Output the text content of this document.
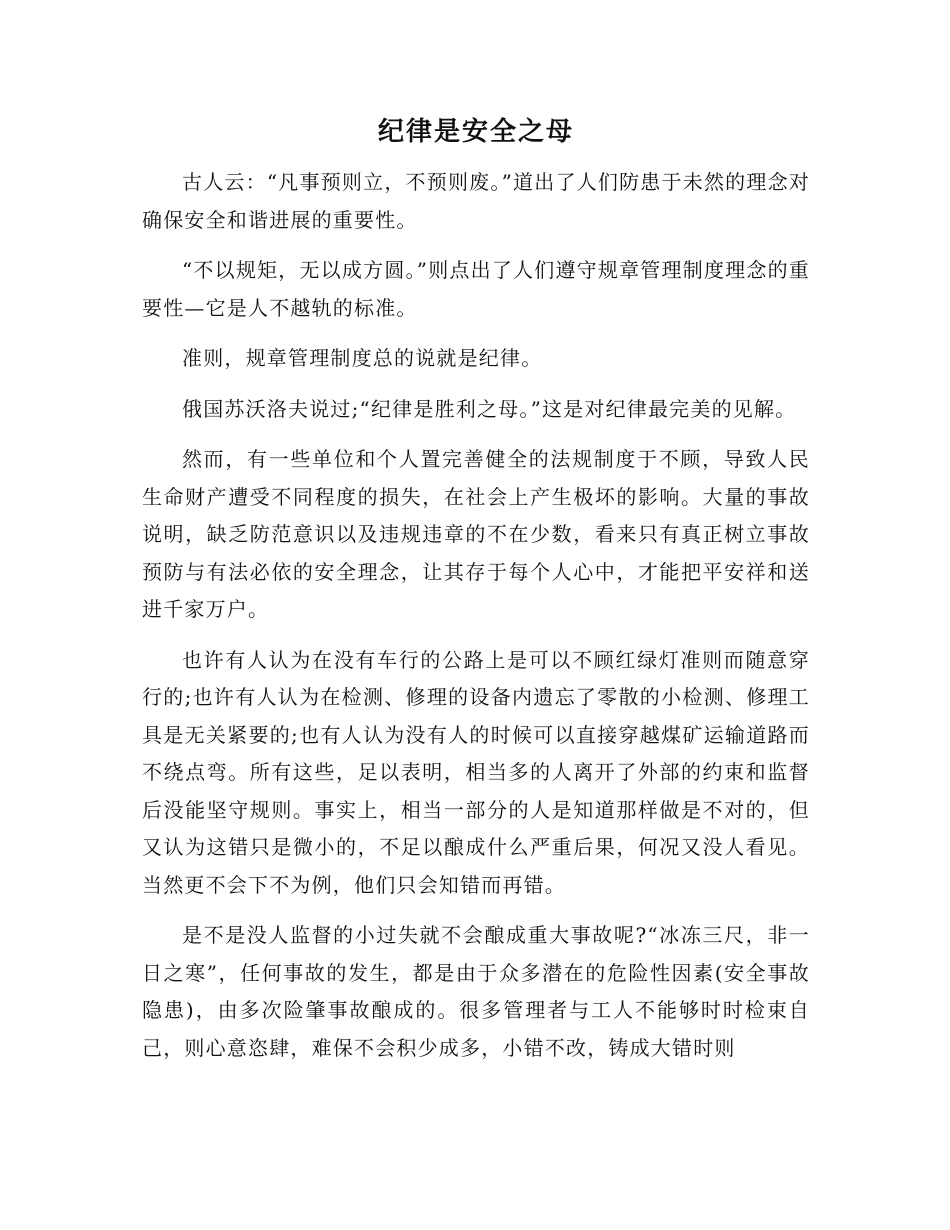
纪律是安全之母

古人云：“凡事预则立，不预则废。”道出了人们防患于未然的理念对确保安全和谐进展的重要性。

“不以规矩，无以成方圆。”则点出了人们遵守规章管理制度理念的重要性—它是人不越轨的标准。

准则，规章管理制度总的说就是纪律。

俄国苏沃洛夫说过;“纪律是胜利之母。”这是对纪律最完美的见解。

然而，有一些单位和个人置完善健全的法规制度于不顾，导致人民生命财产遭受不同程度的损失，在社会上产生极坏的影响。大量的事故说明，缺乏防范意识以及违规违章的不在少数，看来只有真正树立事故预防与有法必依的安全理念，让其存于每个人心中，才能把平安祥和送进千家万户。

也许有人认为在没有车行的公路上是可以不顾红绿灯准则而随意穿行的;也许有人认为在检测、修理的设备内遗忘了零散的小检测、修理工具是无关紧要的;也有人认为没有人的时候可以直接穿越煤矿运输道路而不绕点弯。所有这些，足以表明，相当多的人离开了外部的约束和监督后没能坚守规则。事实上，相当一部分的人是知道那样做是不对的，但又认为这错只是微小的，不足以酿成什么严重后果，何况又没人看见。当然更不会下不为例，他们只会知错而再错。

是不是没人监督的小过失就不会酿成重大事故呢?“冰冻三尺，非一日之寒”，任何事故的发生，都是由于众多潜在的危险性因素(安全事故隐患)，由多次险肇事故酿成的。很多管理者与工人不能够时时检束自己，则心意恣肆，难保不会积少成多，小错不改，铸成大错时则
